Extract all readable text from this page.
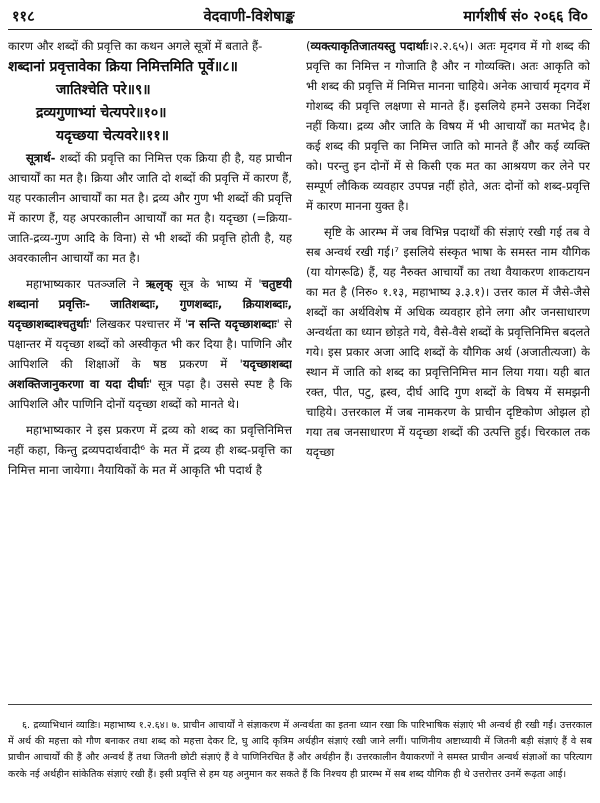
११८	वेदवाणी-विशेषाङ्क	मार्गशीर्ष सं० २०६६ वि०

कारण और शब्दों की प्रवृत्ति का कथन अगले सूत्रों में बताते हैं-

शब्दानां प्रवृत्तावेका क्रिया निमित्तमिति पूर्वे॥८॥
जातिश्चेति परे॥९॥
द्रव्यगुणाभ्यां चेत्यपरे॥१०॥
यदृच्छया चेत्यवरे॥११॥

सूत्रार्थ- शब्दों की प्रवृत्ति का निमित्त एक क्रिया ही है, यह प्राचीन आचार्यों का मत है। क्रिया और जाति दो शब्दों की प्रवृत्ति में कारण हैं, यह परकालीन आचार्यों का मत है। द्रव्य और गुण भी शब्दों की प्रवृत्ति में कारण हैं, यह अपरकालीन आचार्यों का मत है। यदृच्छा (=क्रिया-जाति-द्रव्य-गुण आदि के विना) से भी शब्दों की प्रवृत्ति होती है, यह अवरकालीन आचार्यों का मत है।

महाभाष्यकार पतञ्जलि ने ऋलृक् सूत्र के भाष्य में 'चतुष्टयी शब्दानां प्रवृत्तिः- जातिशब्दाः, गुणशब्दाः, क्रियाशब्दाः, यदृच्छाशब्दाश्चतुर्थाः' लिखकर पश्चात्तर में 'न सन्ति यदृच्छाशब्दाः' से पक्षान्तर में यदृच्छा शब्दों को अस्वीकृत भी कर दिया है। पाणिनि और आपिशलि की शिक्षाओं के षष्ठ प्रकरण में 'यदृच्छाशब्दा अशक्तिजानुकरणा वा यदा दीर्घाः' सूत्र पढ़ा है। उससे स्पष्ट है कि आपिशलि और पाणिनि दोनों यदृच्छा शब्दों को मानते थे।

महाभाष्यकार ने इस प्रकरण में द्रव्य को शब्द का प्रवृत्तिनिमित्त नहीं कहा, किन्तु द्रव्यपदार्थवादी⁶ के मत में द्रव्य ही शब्द-प्रवृत्ति का निमित्त माना जायेगा। नैयायिकों के मत में आकृति भी पदार्थ है

(व्यक्त्याकृतिजातयस्तु पदार्थाः।२.२.६५)। अतः मृदगव में गो शब्द की प्रवृत्ति का निमित्त न गोजाति है और न गोव्यक्ति। अतः आकृति को भी शब्द की प्रवृत्ति में निमित्त मानना चाहिये। अनेक आचार्य मृदगव में गोशब्द की प्रवृत्ति लक्षणा से मानते हैं। इसलिये हमने उसका निर्देश नहीं किया। द्रव्य और जाति के विषय में भी आचार्यों का मतभेद है। कई शब्द की प्रवृत्ति का निमित्त जाति को मानते हैं और कई व्यक्ति को। परन्तु इन दोनों में से किसी एक मत का आश्रयण कर लेने पर सम्पूर्ण लौकिक व्यवहार उपपन्न नहीं होते, अतः दोनों को शब्द-प्रवृत्ति में कारण मानना युक्त है।

सृष्टि के आरम्भ में जब विभिन्न पदार्थों की संज्ञाएं रखी गई तब वे सब अन्वर्थ रखी गई।⁷ इसलिये संस्कृत भाषा के समस्त नाम यौगिक (या योगरूढि) हैं, यह नैरुक्त आचार्यों का तथा वैयाकरण शाकटायन का मत है (निरु० १.१३, महाभाष्य ३.३.१)। उत्तर काल में जैसे-जैसे शब्दों का अर्थविशेष में अधिक व्यवहार होने लगा और जनसाधारण अन्वर्थता का ध्यान छोड़ते गये, वैसे-वैसे शब्दों के प्रवृत्तिनिमित्त बदलते गये। इस प्रकार अजा आदि शब्दों के यौगिक अर्थ (अजातीत्यजा) के स्थान में जाति को शब्द का प्रवृत्तिनिमित्त मान लिया गया। यही बात रक्त, पीत, पटु, ह्रस्व, दीर्घ आदि गुण शब्दों के विषय में समझनी चाहिये। उत्तरकाल में जब नामकरण के प्राचीन दृष्टिकोण ओझल हो गया तब जनसाधारण में यदृच्छा शब्दों की उत्पत्ति हुई। चिरकाल तक यदृच्छा

६. द्रव्याभिधानं व्याडिः। महाभाष्य १.२.६४। ७. प्राचीन आचार्यों ने संज्ञाकरण में अन्वर्थता का इतना ध्यान रखा कि पारिभाषिक संज्ञाएं भी अन्वर्थ ही रखी गईं। उत्तरकाल में अर्थ की महत्ता को गौण बनाकर तथा शब्द को महत्ता देकर टि, घु आदि कृत्रिम अर्थहीन संज्ञाएं रखी जाने लगीं। पाणिनीय अष्टाध्यायी में जितनी बड़ी संज्ञाएं हैं वे सब प्राचीन आचार्यों की हैं और अन्वर्थ हैं तथा जितनी छोटी संज्ञाएं हैं वे पाणिनिरचित हैं और अर्थहीन हैं। उत्तरकालीन वैयाकरणों ने समस्त प्राचीन अन्वर्थ संज्ञाओं का परित्याग करके नई अर्थहीन सांकेतिक संज्ञाएं रखी हैं। इसी प्रवृत्ति से हम यह अनुमान कर सकते हैं कि निश्चय ही प्रारम्भ में सब शब्द यौगिक ही थे उत्तरोत्तर उनमें रूढ़ता आई।
